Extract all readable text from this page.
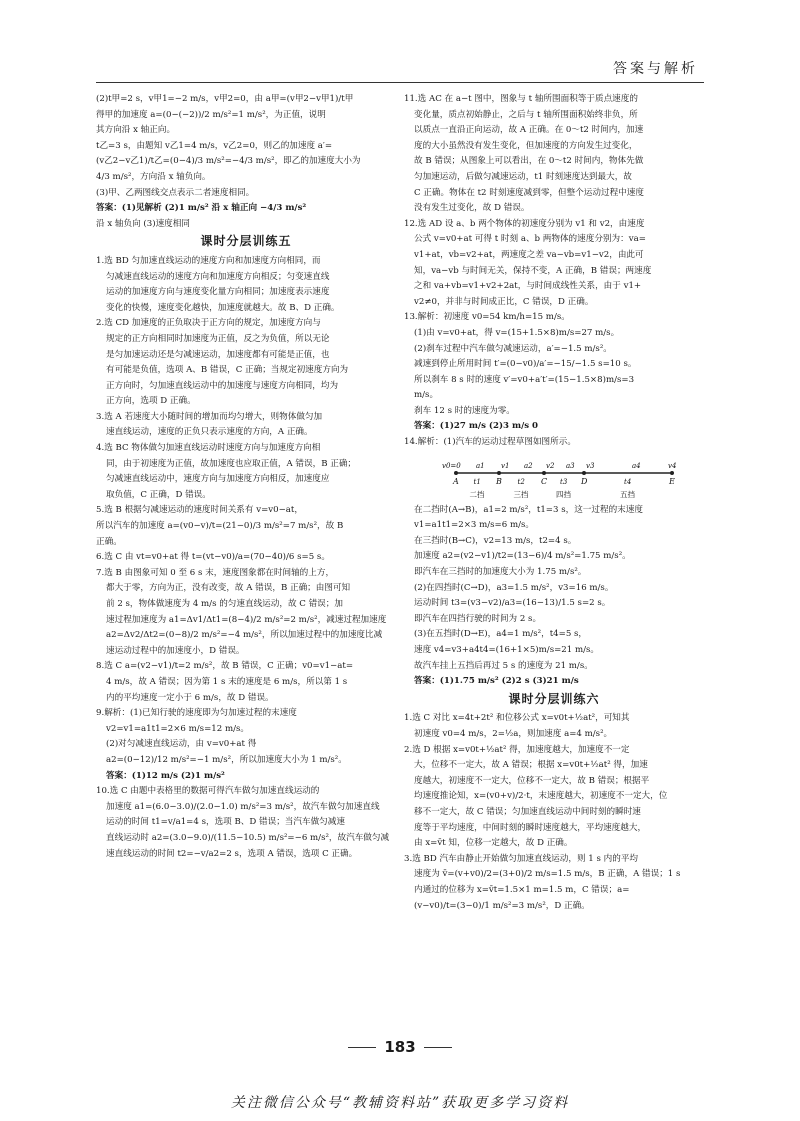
答案与解析
(2)t甲=2 s，v甲1=−2 m/s，v甲2=0，由 a甲=(v甲2−v甲1)/t甲
得甲的加速度 a=(0−(−2))/2 m/s²=1 m/s²，为正值，说明
其方向沿 x 轴正向。
t乙=3 s，由题知 v乙1=4 m/s，v乙2=0，则乙的加速度 a′=
(v乙2−v乙1)/t乙=(0−4)/3 m/s²=−4/3 m/s²，即乙的加速度大小为
4/3 m/s²，方向沿 x 轴负向。
(3)甲、乙两图线交点表示二者速度相同。
答案：(1)见解析 (2)1 m/s² 沿 x 轴正向 −4/3 m/s²
沿 x 轴负向 (3)速度相同
课时分层训练五
1.选 BD 匀加速直线运动的速度方向和加速度方向相同，而
匀减速直线运动的速度方向和加速度方向相反；匀变速直线
运动的加速度方向与速度变化量方向相同；加速度表示速度
变化的快慢，速度变化越快，加速度就越大。故 B、D 正确。
2.选 CD 加速度的正负取决于正方向的规定，加速度方向与
规定的正方向相同时加速度为正值，反之为负值，所以无论
是匀加速运动还是匀减速运动，加速度都有可能是正值，也
有可能是负值，选项 A、B 错误，C 正确；当规定初速度方向为
正方向时，匀加速直线运动中的加速度与速度方向相同，均为
正方向，选项 D 正确。
3.选 A 若速度大小随时间的增加而均匀增大，则物体做匀加
速直线运动，速度的正负只表示速度的方向，A 正确。
4.选 BC 物体做匀加速直线运动时速度方向与加速度方向相
同，由于初速度为正值，故加速度也应取正值，A 错误，B 正确；
匀减速直线运动中，速度方向与加速度方向相反，加速度应
取负值，C 正确，D 错误。
5.选 B 根据匀减速运动的速度时间关系有 v=v0−at，
所以汽车的加速度 a=(v0−v)/t=(21−0)/3 m/s²=7 m/s²，故 B
正确。
6.选 C 由 vt=v0+at 得 t=(vt−v0)/a=(70−40)/6 s=5 s。
7.选 B 由图象可知 0 至 6 s 末，速度图象都在时间轴的上方，
都大于零，方向为正，没有改变，故 A 错误，B 正确；由图可知
前 2 s，物体做速度为 4 m/s 的匀速直线运动，故 C 错误；加
速过程加速度为 a1=Δv1/Δt1=(8−4)/2 m/s²=2 m/s²，减速过程加速度
a2=Δv2/Δt2=(0−8)/2 m/s²=−4 m/s²，所以加速过程中的加速度比减
速运动过程中的加速度小，D 错误。
8.选 C a=(v2−v1)/t=2 m/s²，故 B 错误，C 正确；v0=v1−at=
4 m/s，故 A 错误；因为第 1 s 末的速度是 6 m/s，所以第 1 s
内的平均速度一定小于 6 m/s，故 D 错误。
9.解析：(1)已知行驶的速度即为匀加速过程的末速度
v2=v1=a1t1=2×6 m/s=12 m/s。
(2)对匀减速直线运动，由 v=v0+at 得
a2=(0−12)/12 m/s²=−1 m/s²，所以加速度大小为 1 m/s²。
答案：(1)12 m/s (2)1 m/s²
10.选 C 由题中表格里的数据可得汽车做匀加速直线运动的
加速度 a1=(6.0−3.0)/(2.0−1.0) m/s²=3 m/s²，故汽车做匀加速直线
运动的时间 t1=v/a1=4 s，选项 B、D 错误；当汽车做匀减速
直线运动时 a2=(3.0−9.0)/(11.5−10.5) m/s²=−6 m/s²，故汽车做匀减
速直线运动的时间 t2=−v/a2=2 s，选项 A 错误，选项 C 正确。
11.选 AC 在 a−t 图中，图象与 t 轴所围面积等于质点速度的
变化量，质点初始静止，之后与 t 轴所围面积始终非负，所
以质点一直沿正向运动，故 A 正确。在 0～t2 时间内，加速
度的大小虽然没有发生变化，但加速度的方向发生过变化，
故 B 错误；从图象上可以看出，在 0～t2 时间内，物体先做
匀加速运动，后做匀减速运动，t1 时刻速度达到最大，故
C 正确。物体在 t2 时刻速度减到零，但整个运动过程中速度
没有发生过变化，故 D 错误。
12.选 AD 设 a、b 两个物体的初速度分别为 v1 和 v2，由速度
公式 v=v0+at 可得 t 时刻 a、b 两物体的速度分别为：va=
v1+at，vb=v2+at，两速度之差 va−vb=v1−v2，由此可
知，va−vb 与时间无关，保持不变，A 正确，B 错误；两速度
之和 va+vb=v1+v2+2at，与时间成线性关系，由于 v1+
v2≠0，并非与时间成正比，C 错误，D 正确。
13.解析：初速度 v0=54 km/h=15 m/s。
(1)由 v=v0+at，得 v=(15+1.5×8)m/s=27 m/s。
(2)刹车过程中汽车做匀减速运动，a′=−1.5 m/s²。
减速到停止所用时间 t′=(0−v0)/a′=−15/−1.5 s=10 s。
所以刹车 8 s 时的速度 v′=v0+a′t′=(15−1.5×8)m/s=3
m/s。
刹车 12 s 时的速度为零。
答案：(1)27 m/s (2)3 m/s 0
14.解析：(1)汽车的运动过程草图如图所示。
A	B	C	D	E
v0=0 a1 v1 a2 v2 a3 v3	a4	v4
t1
二挡
t2
三挡
t3
四挡
t4
五挡
在二挡时(A→B)，a1=2 m/s²，t1=3 s，这一过程的末速度
v1=a1t1=2×3 m/s=6 m/s。
在三挡时(B→C)，v2=13 m/s，t2=4 s。
加速度 a2=(v2−v1)/t2=(13−6)/4 m/s²=1.75 m/s²。
即汽车在三挡时的加速度大小为 1.75 m/s²。
(2)在四挡时(C→D)，a3=1.5 m/s²，v3=16 m/s。
运动时间 t3=(v3−v2)/a3=(16−13)/1.5 s=2 s。
即汽车在四挡行驶的时间为 2 s。
(3)在五挡时(D→E)，a4=1 m/s²，t4=5 s，
速度 v4=v3+a4t4=(16+1×5)m/s=21 m/s。
故汽车挂上五挡后再过 5 s 的速度为 21 m/s。
答案：(1)1.75 m/s² (2)2 s (3)21 m/s
课时分层训练六
1.选 C 对比 x=4t+2t² 和位移公式 x=v0t+½at²，可知其
初速度 v0=4 m/s，2=½a，则加速度 a=4 m/s²。
2.选 D 根据 x=v0t+½at² 得，加速度越大，加速度不一定
大，位移不一定大，故 A 错误；根据 x=v0t+½at² 得，加速
度越大，初速度不一定大，位移不一定大，故 B 错误；根据平
均速度推论知，x=(v0+v)/2·t，末速度越大，初速度不一定大，位
移不一定大，故 C 错误；匀加速直线运动中间时刻的瞬时速
度等于平均速度，中间时刻的瞬时速度越大，平均速度越大，
由 x=v̄t 知，位移一定越大，故 D 正确。
3.选 BD 汽车由静止开始做匀加速直线运动，则 1 s 内的平均
速度为 v̄=(v+v0)/2=(3+0)/2 m/s=1.5 m/s，B 正确，A 错误；1 s
内通过的位移为 x=v̄t=1.5×1 m=1.5 m，C 错误；a=
(v−v0)/t=(3−0)/1 m/s²=3 m/s²，D 正确。
183
关注微信公众号“教辅资料站”获取更多学习资料
